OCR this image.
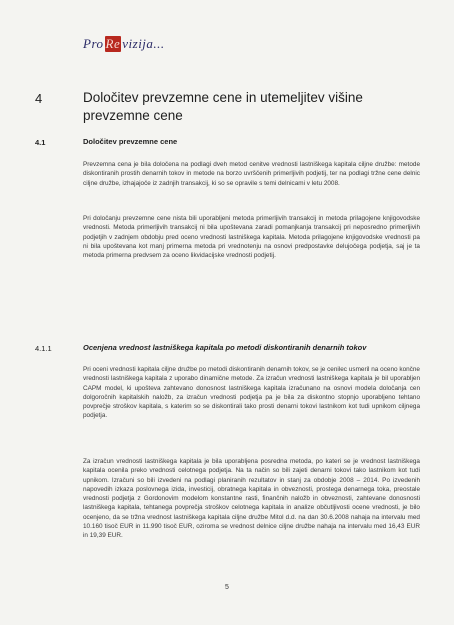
Pro Re vizija...
4	Določitev prevzemne cene in utemeljitev višine prevzemne cene
4.1	Določitev prevzemne cene

Prevzemna cena je bila določena na podlagi dveh metod cenitve vrednosti lastniškega kapitala ciljne družbe: metode diskontiranih prostih denarnih tokov in metode na borzo uvrščenih primerljivih podjetij, ter na podlagi tržne cene delnic ciljne družbe, izhajajoče iz zadnjih transakcij, ki so se opravile s temi delnicami v letu 2008.

Pri določanju prevzemne cene nista bili uporabljeni metoda primerljivih transakcij in metoda prilagojene knjigovodske vrednosti. Metoda primerljivih transakcij ni bila upoštevana zaradi pomanjkanja transakcij pri neposredno primerljivih podjetjih v zadnjem obdobju pred oceno vrednosti lastniškega kapitala. Metoda prilagojene knjigovodske vrednosti pa ni bila upoštevana kot manj primerna metoda pri vrednotenju na osnovi predpostavke delujočega podjetja, saj je ta metoda primerna predvsem za oceno likvidacijske vrednosti podjetij.

4.1.1	Ocenjena vrednost lastniškega kapitala po metodi diskontiranih denarnih tokov

Pri oceni vrednosti kapitala ciljne družbe po metodi diskontiranih denarnih tokov, se je cenilec usmeril na oceno končne vrednosti lastniškega kapitala z uporabo dinamične metode. Za izračun vrednosti lastniškega kapitala je bil uporabljen CAPM model, ki upošteva zahtevano donosnost lastniškega kapitala izračunano na osnovi modela določanja cen dolgoročnih kapitalskih naložb, za izračun vrednosti podjetja pa je bila za diskontno stopnjo uporabljeno tehtano povprečje stroškov kapitala, s katerim so se diskontirali tako prosti denarni tokovi lastnikom kot tudi upnikom ciljnega podjetja.

Za izračun vrednosti lastniškega kapitala je bila uporabljena posredna metoda, po kateri se je vrednost lastniškega kapitala ocenila preko vrednosti celotnega podjetja. Na ta način so bili zajeti denarni tokovi tako lastnikom kot tudi upnikom. Izračuni so bili izvedeni na podlagi planiranih rezultatov in stanj za obdobje 2008 – 2014. Po izvedenih napovedih izkaza poslovnega izida, investicij, obratnega kapitala in obveznosti, prostega denarnega toka, preostale vrednosti podjetja z Gordonovim modelom konstantne rasti, finančnih naložb in obveznosti, zahtevane donosnosti lastniškega kapitala, tehtanega povprečja stroškov celotnega kapitala in analize občutljivosti ocene vrednosti, je bilo ocenjeno, da se tržna vrednost lastniškega kapitala ciljne družbe Mitol d.d. na dan 30.6.2008 nahaja na intervalu med 10.160 tisoč EUR in 11.990 tisoč EUR, oziroma se vrednost delnice ciljne družbe nahaja na intervalu med 16,43 EUR in 19,39 EUR.

5
